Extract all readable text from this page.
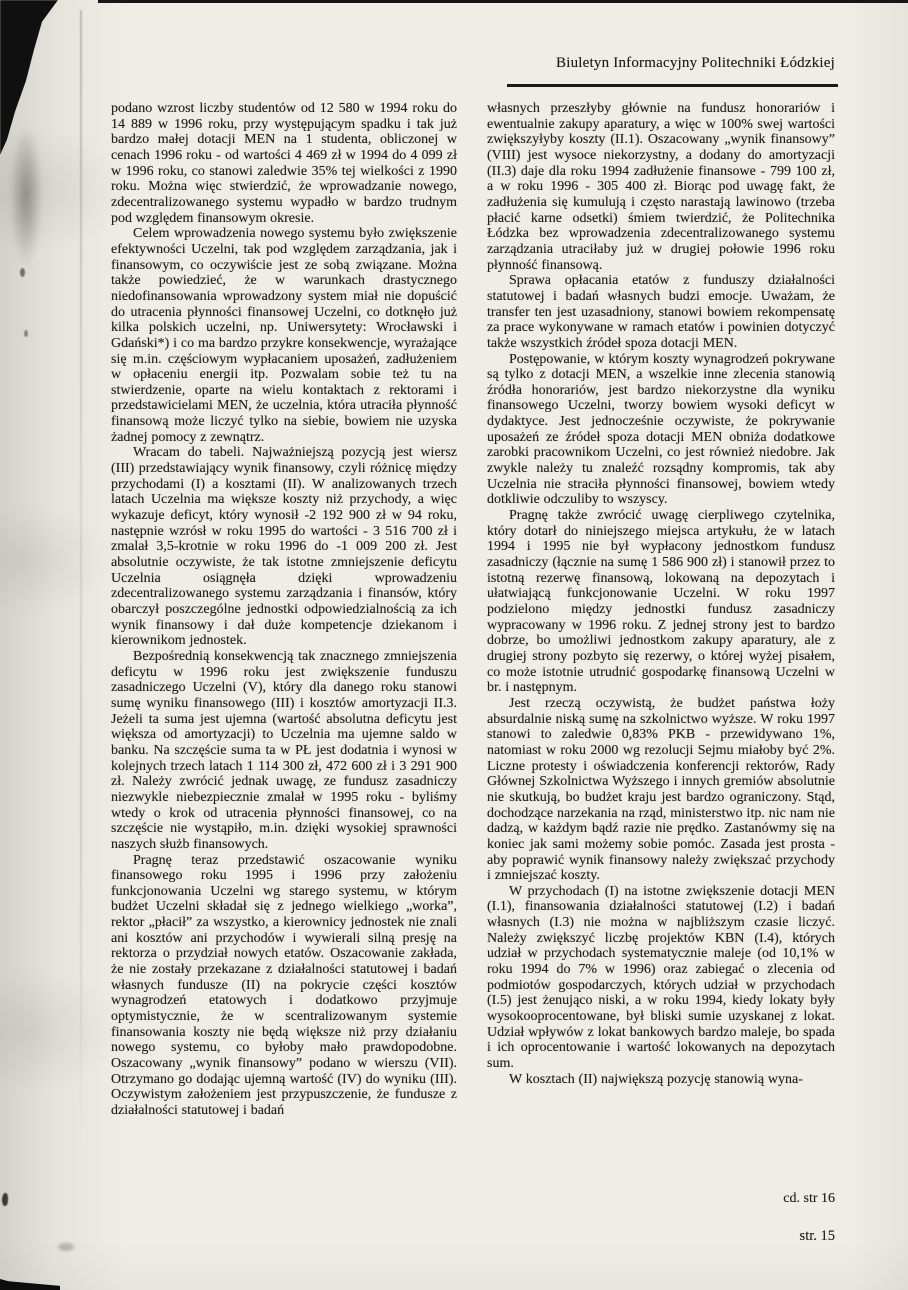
Biuletyn Informacyjny Politechniki Łódzkiej

podano wzrost liczby studentów od 12 580 w 1994 roku do 14 889 w 1996 roku, przy występującym spadku i tak już bardzo małej dotacji MEN na 1 studenta, obliczonej w cenach 1996 roku - od wartości 4 469 zł w 1994 do 4 099 zł w 1996 roku, co stanowi zaledwie 35% tej wielkości z 1990 roku. Można więc stwierdzić, że wprowadzanie nowego, zdecentralizowanego systemu wypadło w bardzo trudnym pod względem finansowym okresie.

Celem wprowadzenia nowego systemu było zwiększenie efektywności Uczelni, tak pod względem zarządzania, jak i finansowym, co oczywiście jest ze sobą związane. Można także powiedzieć, że w warunkach drastycznego niedofinansowania wprowadzony system miał nie dopuścić do utracenia płynności finansowej Uczelni, co dotknęło już kilka polskich uczelni, np. Uniwersytety: Wrocławski i Gdański*) i co ma bardzo przykre konsekwencje, wyrażające się m.in. częściowym wypłacaniem uposażeń, zadłużeniem w opłaceniu energii itp. Pozwalam sobie też tu na stwierdzenie, oparte na wielu kontaktach z rektorami i przedstawicielami MEN, że uczelnia, która utraciła płynność finansową może liczyć tylko na siebie, bowiem nie uzyska żadnej pomocy z zewnątrz.

Wracam do tabeli. Najważniejszą pozycją jest wiersz (III) przedstawiający wynik finansowy, czyli różnicę między przychodami (I) a kosztami (II). W analizowanych trzech latach Uczelnia ma większe koszty niż przychody, a więc wykazuje deficyt, który wynosił -2 192 900 zł w 94 roku, następnie wzrósł w roku 1995 do wartości - 3 516 700 zł i zmalał 3,5-krotnie w roku 1996 do -1 009 200 zł. Jest absolutnie oczywiste, że tak istotne zmniejszenie deficytu Uczelnia osiągnęła dzięki wprowadzeniu zdecentralizowanego systemu zarządzania i finansów, który obarczył poszczególne jednostki odpowiedzialnością za ich wynik finansowy i dał duże kompetencje dziekanom i kierownikom jednostek.

Bezpośrednią konsekwencją tak znacznego zmniejszenia deficytu w 1996 roku jest zwiększenie funduszu zasadniczego Uczelni (V), który dla danego roku stanowi sumę wyniku finansowego (III) i kosztów amortyzacji II.3. Jeżeli ta suma jest ujemna (wartość absolutna deficytu jest większa od amortyzacji) to Uczelnia ma ujemne saldo w banku. Na szczęście suma ta w PŁ jest dodatnia i wynosi w kolejnych trzech latach 1 114 300 zł, 472 600 zł i 3 291 900 zł. Należy zwrócić jednak uwagę, ze fundusz zasadniczy niezwykle niebezpiecznie zmalał w 1995 roku - byliśmy wtedy o krok od utracenia płynności finansowej, co na szczęście nie wystąpiło, m.in. dzięki wysokiej sprawności naszych służb finansowych.

Pragnę teraz przedstawić oszacowanie wyniku finansowego roku 1995 i 1996 przy założeniu funkcjonowania Uczelni wg starego systemu, w którym budżet Uczelni składał się z jednego wielkiego „worka”, rektor „płacił” za wszystko, a kierownicy jednostek nie znali ani kosztów ani przychodów i wywierali silną presję na rektorza o przydział nowych etatów. Oszacowanie zakłada, że nie zostały przekazane z działalności statutowej i badań własnych fundusze (II) na pokrycie części kosztów wynagrodzeń etatowych i dodatkowo przyjmuje optymistycznie, że w scentralizowanym systemie finansowania koszty nie będą większe niż przy działaniu nowego systemu, co byłoby mało prawdopodobne. Oszacowany „wynik finansowy” podano w wierszu (VII). Otrzymano go dodając ujemną wartość (IV) do wyniku (III). Oczywistym założeniem jest przypuszczenie, że fundusze z działalności statutowej i badań

własnych przeszłyby głównie na fundusz honorariów i ewentualnie zakupy aparatury, a więc w 100% swej wartości zwiększyłyby koszty (II.1). Oszacowany „wynik finansowy” (VIII) jest wysoce niekorzystny, a dodany do amortyzacji (II.3) daje dla roku 1994 zadłużenie finansowe - 799 100 zł, a w roku 1996 - 305 400 zł. Biorąc pod uwagę fakt, że zadłużenia się kumulują i często narastają lawinowo (trzeba płacić karne odsetki) śmiem twierdzić, że Politechnika Łódzka bez wprowadzenia zdecentralizowanego systemu zarządzania utraciłaby już w drugiej połowie 1996 roku płynność finansową.

Sprawa opłacania etatów z funduszy działalności statutowej i badań własnych budzi emocje. Uważam, że transfer ten jest uzasadniony, stanowi bowiem rekompensatę za prace wykonywane w ramach etatów i powinien dotyczyć także wszystkich źródeł spoza dotacji MEN.

Postępowanie, w którym koszty wynagrodzeń pokrywane są tylko z dotacji MEN, a wszelkie inne zlecenia stanowią źródła honorariów, jest bardzo niekorzystne dla wyniku finansowego Uczelni, tworzy bowiem wysoki deficyt w dydaktyce. Jest jednocześnie oczywiste, że pokrywanie uposażeń ze źródeł spoza dotacji MEN obniża dodatkowe zarobki pracownikom Uczelni, co jest również niedobre. Jak zwykle należy tu znaleźć rozsądny kompromis, tak aby Uczelnia nie straciła płynności finansowej, bowiem wtedy dotkliwie odczuliby to wszyscy.

Pragnę także zwrócić uwagę cierpliwego czytelnika, który dotarł do niniejszego miejsca artykułu, że w latach 1994 i 1995 nie był wypłacony jednostkom fundusz zasadniczy (łącznie na sumę 1 586 900 zł) i stanowił przez to istotną rezerwę finansową, lokowaną na depozytach i ułatwiającą funkcjonowanie Uczelni. W roku 1997 podzielono między jednostki fundusz zasadniczy wypracowany w 1996 roku. Z jednej strony jest to bardzo dobrze, bo umożliwi jednostkom zakupy aparatury, ale z drugiej strony pozbyto się rezerwy, o której wyżej pisałem, co może istotnie utrudnić gospodarkę finansową Uczelni w br. i następnym.

Jest rzeczą oczywistą, że budżet państwa łoży absurdalnie niską sumę na szkolnictwo wyższe. W roku 1997 stanowi to zaledwie 0,83% PKB - przewidywano 1%, natomiast w roku 2000 wg rezolucji Sejmu miałoby być 2%. Liczne protesty i oświadczenia konferencji rektorów, Rady Głównej Szkolnictwa Wyższego i innych gremiów absolutnie nie skutkują, bo budżet kraju jest bardzo ograniczony. Stąd, dochodzące narzekania na rząd, ministerstwo itp. nic nam nie dadzą, w każdym bądź razie nie prędko. Zastanówmy się na koniec jak sami możemy sobie pomóc. Zasada jest prosta - aby poprawić wynik finansowy należy zwiększać przychody i zmniejszać koszty.

W przychodach (I) na istotne zwiększenie dotacji MEN (I.1), finansowania działalności statutowej (I.2) i badań własnych (I.3) nie można w najbliższym czasie liczyć. Należy zwiększyć liczbę projektów KBN (I.4), których udział w przychodach systematycznie maleje (od 10,1% w roku 1994 do 7% w 1996) oraz zabiegać o zlecenia od podmiotów gospodarczych, których udział w przychodach (I.5) jest żenująco niski, a w roku 1994, kiedy lokaty były wysokooprocentowane, był bliski sumie uzyskanej z lokat. Udział wpływów z lokat bankowych bardzo maleje, bo spada i ich oprocentowanie i wartość lokowanych na depozytach sum.

W kosztach (II) największą pozycję stanowią wyna-

cd. str 16
str. 15
